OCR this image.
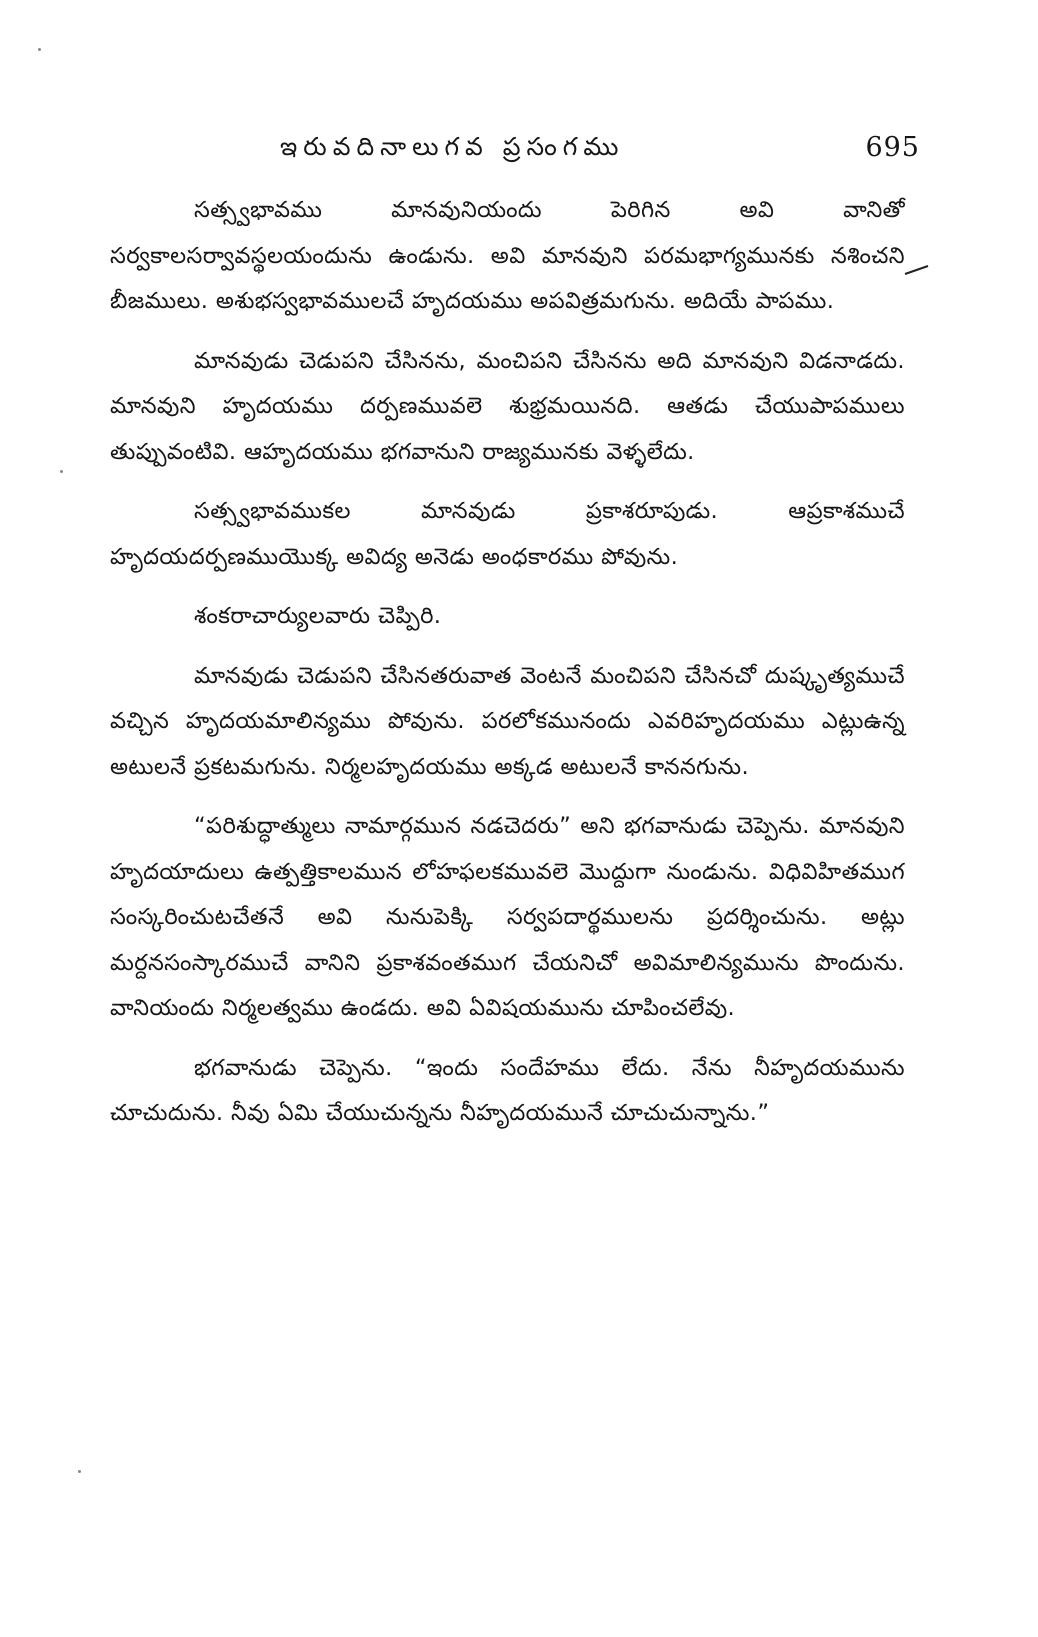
ఇరువదినాలుగవ ప్రసంగము	695

సత్స్వభావము మానవునియందు పెరిగిన అవి వానితో సర్వకాలసర్వావస్థలయందును ఉండును. అవి మానవుని పరమభాగ్యమునకు నశించని బీజములు. అశుభస్వభావములచే హృదయము అపవిత్రమగును. అదియే పాపము.

మానవుడు చెడుపని చేసినను, మంచిపని చేసినను అది మానవుని విడనాడదు. మానవుని హృదయము దర్పణమువలె శుభ్రమయినది. ఆతడు చేయుపాపములు తుప్పువంటివి. ఆహృదయము భగవానుని రాజ్యమునకు వెళ్ళలేదు.

సత్స్వభావముకల మానవుడు ప్రకాశరూపుడు. ఆప్రకాశముచే హృదయదర్పణముయొక్క అవిద్య అనెడు అంధకారము పోవును.

శంకరాచార్యులవారు చెప్పిరి.

మానవుడు చెడుపని చేసినతరువాత వెంటనే మంచిపని చేసినచో దుష్కృత్యముచే వచ్చిన హృదయమాలిన్యము పోవును. పరలోకమునందు ఎవరిహృదయము ఎట్లుఉన్న అటులనే ప్రకటమగును. నిర్మలహృదయము అక్కడ అటులనే కాననగును.

“పరిశుద్ధాత్ములు నామార్గమున నడచెదరు” అని భగవానుడు చెప్పెను. మానవుని హృదయాదులు ఉత్పత్తికాలమున లోహఫలకమువలె మొద్దుగా నుండును. విధివిహితముగ సంస్కరించుటచేతనే అవి నునుపెక్కి సర్వపదార్థములను ప్రదర్శించును. అట్లు మర్దనసంస్కారముచే వానిని ప్రకాశవంతముగ చేయనిచో అవిమాలిన్యమును పొందును. వానియందు నిర్మలత్వము ఉండదు. అవి ఏవిషయమును చూపించలేవు.

భగవానుడు చెప్పెను. “ఇందు సందేహము లేదు. నేను నీహృదయమును చూచుదును. నీవు ఏమి చేయుచున్నను నీహృదయమునే చూచుచున్నాను.”
